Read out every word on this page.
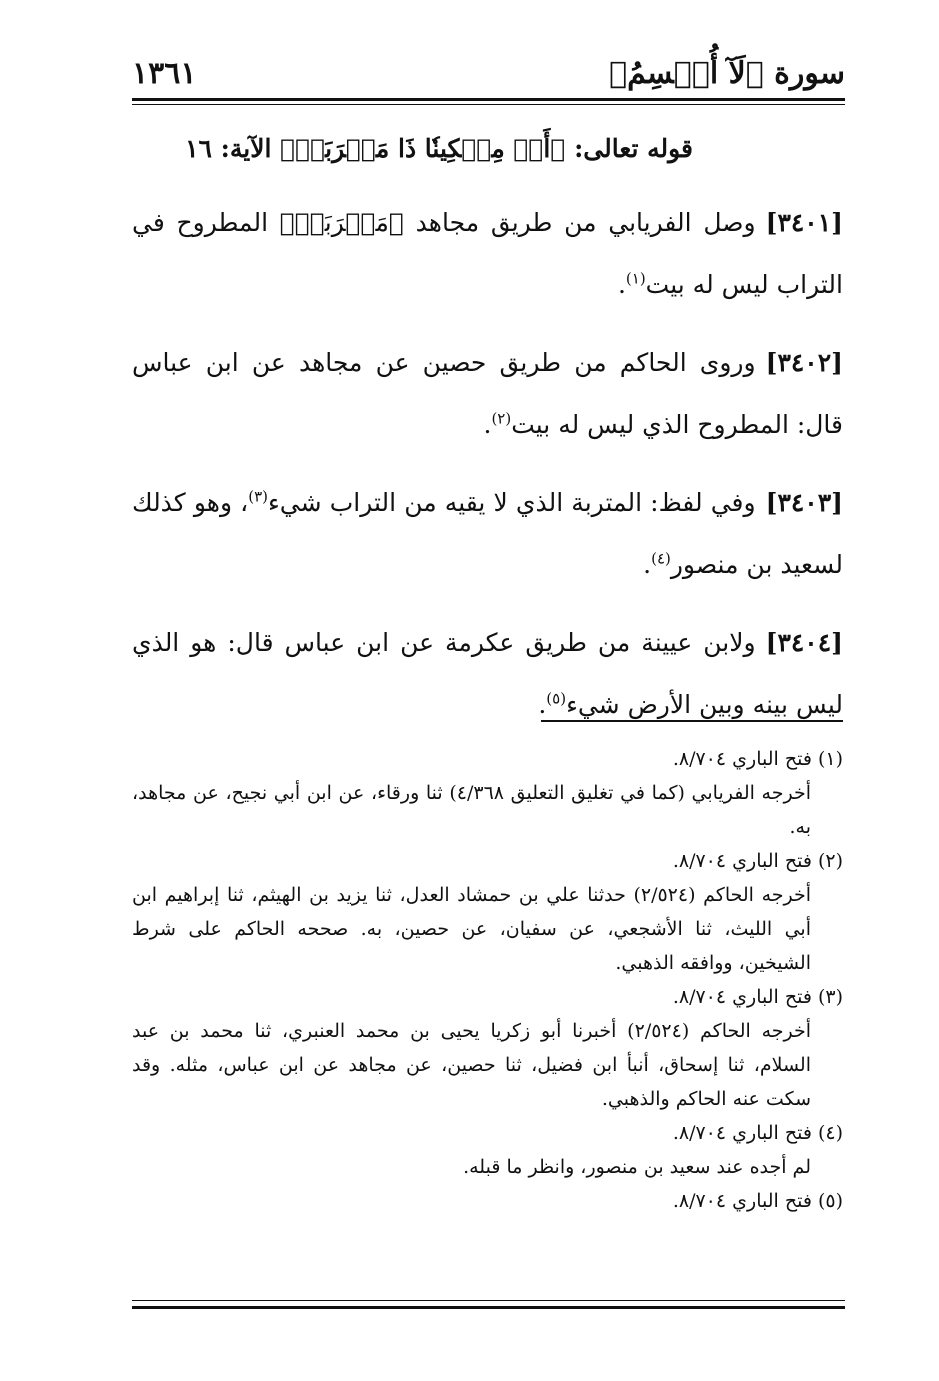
سورة ﴿لَآ أُقۡسِمُ﴾
١٣٦١
قوله تعالى: ﴿أَوۡ مِسۡكِينٗا ذَا مَتۡرَبَةٖ﴾ الآية: ١٦

[٣٤٠١]وصل الفريابي من طريق مجاهد ﴿مَتۡرَبَةٖ﴾ المطروح في التراب ليس له بيت$^{(١)}$.

[٣٤٠٢]وروى الحاكم من طريق حصين عن مجاهد عن ابن عباس قال: المطروح الذي ليس له بيت$^{(٢)}$.

[٣٤٠٣]وفي لفظ: المتربة الذي لا يقيه من التراب شيء$^{(٣)}$، وهو كذلك لسعيد بن منصور$^{(٤)}$.

[٣٤٠٤]ولابن عيينة من طريق عكرمة عن ابن عباس قال: هو الذي ليس بينه وبين الأرض شيء$^{(٥)}$.

(١) فتح الباري ٨/٧٠٤.
أخرجه الفريابي (كما في تغليق التعليق ٤/٣٦٨) ثنا ورقاء، عن ابن أبي نجيح، عن مجاهد، به.
(٢) فتح الباري ٨/٧٠٤.
أخرجه الحاكم (٢/٥٢٤) حدثنا علي بن حمشاد العدل، ثنا يزيد بن الهيثم، ثنا إبراهيم ابن أبي الليث، ثنا الأشجعي، عن سفيان، عن حصين، به. صححه الحاكم على شرط الشيخين، ووافقه الذهبي.
(٣) فتح الباري ٨/٧٠٤.
أخرجه الحاكم (٢/٥٢٤) أخبرنا أبو زكريا يحيى بن محمد العنبري، ثنا محمد بن عبد السلام، ثنا إسحاق، أنبأ ابن فضيل، ثنا حصين، عن مجاهد عن ابن عباس، مثله. وقد سكت عنه الحاكم والذهبي.
(٤) فتح الباري ٨/٧٠٤.
لم أجده عند سعيد بن منصور، وانظر ما قبله.
(٥) فتح الباري ٨/٧٠٤.
